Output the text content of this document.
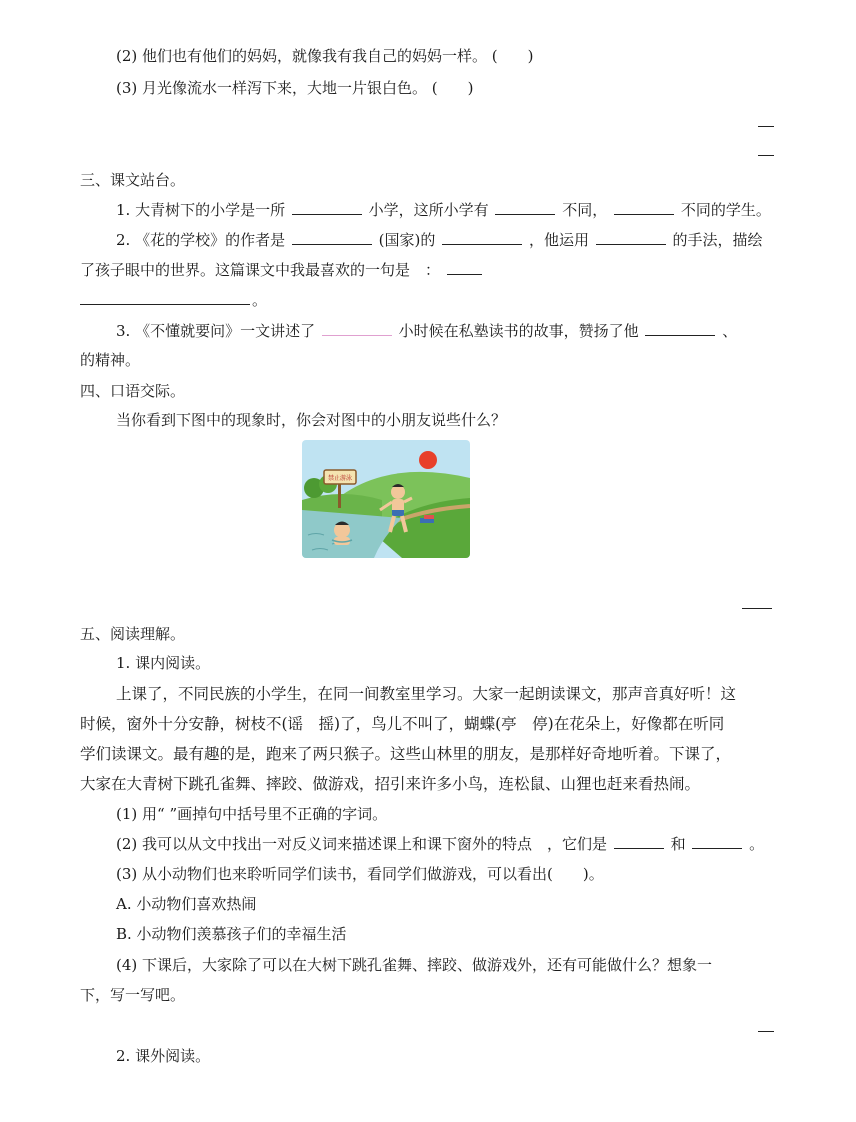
(2) 他们也有他们的妈妈，就像我有我自己的妈妈一样。 (　　)
(3) 月光像流水一样泻下来，大地一片银白色。 (　　)
三、课文站台。
1. 大青树下的小学是一所	小学，这所小学有	不同，	不同的学生。
2. 《花的学校》的作者是	(国家)的	，他运用	的手法，描绘
了孩子眼中的世界。这篇课文中我最喜欢的一句是　：
。
3. 《不懂就要问》一文讲述了	小时候在私塾读书的故事，赞扬了他	、
的精神。
四、口语交际。
当你看到下图中的现象时，你会对图中的小朋友说些什么？
禁止游泳
五、阅读理解。
1. 课内阅读。
上课了，不同民族的小学生，在同一间教室里学习。大家一起朗读课文，那声音真好听！这
时候，窗外十分安静，树枝不(谣　摇)了，鸟儿不叫了，蝴蝶(亭　停)在花朵上，好像都在听同
学们读课文。最有趣的是，跑来了两只猴子。这些山林里的朋友，是那样好奇地听着。下课了，
大家在大青树下跳孔雀舞、摔跤、做游戏，招引来许多小鸟，连松鼠、山狸也赶来看热闹。
(1) 用“ ”画掉句中括号里不正确的字词。
(2) 我可以从文中找出一对反义词来描述课上和课下窗外的特点　，它们是	和	。
(3) 从小动物们也来聆听同学们读书，看同学们做游戏，可以看出(　　)。
A. 小动物们喜欢热闹
B. 小动物们羡慕孩子们的幸福生活
(4) 下课后，大家除了可以在大树下跳孔雀舞、摔跤、做游戏外，还有可能做什么？想象一
下，写一写吧。
2. 课外阅读。
